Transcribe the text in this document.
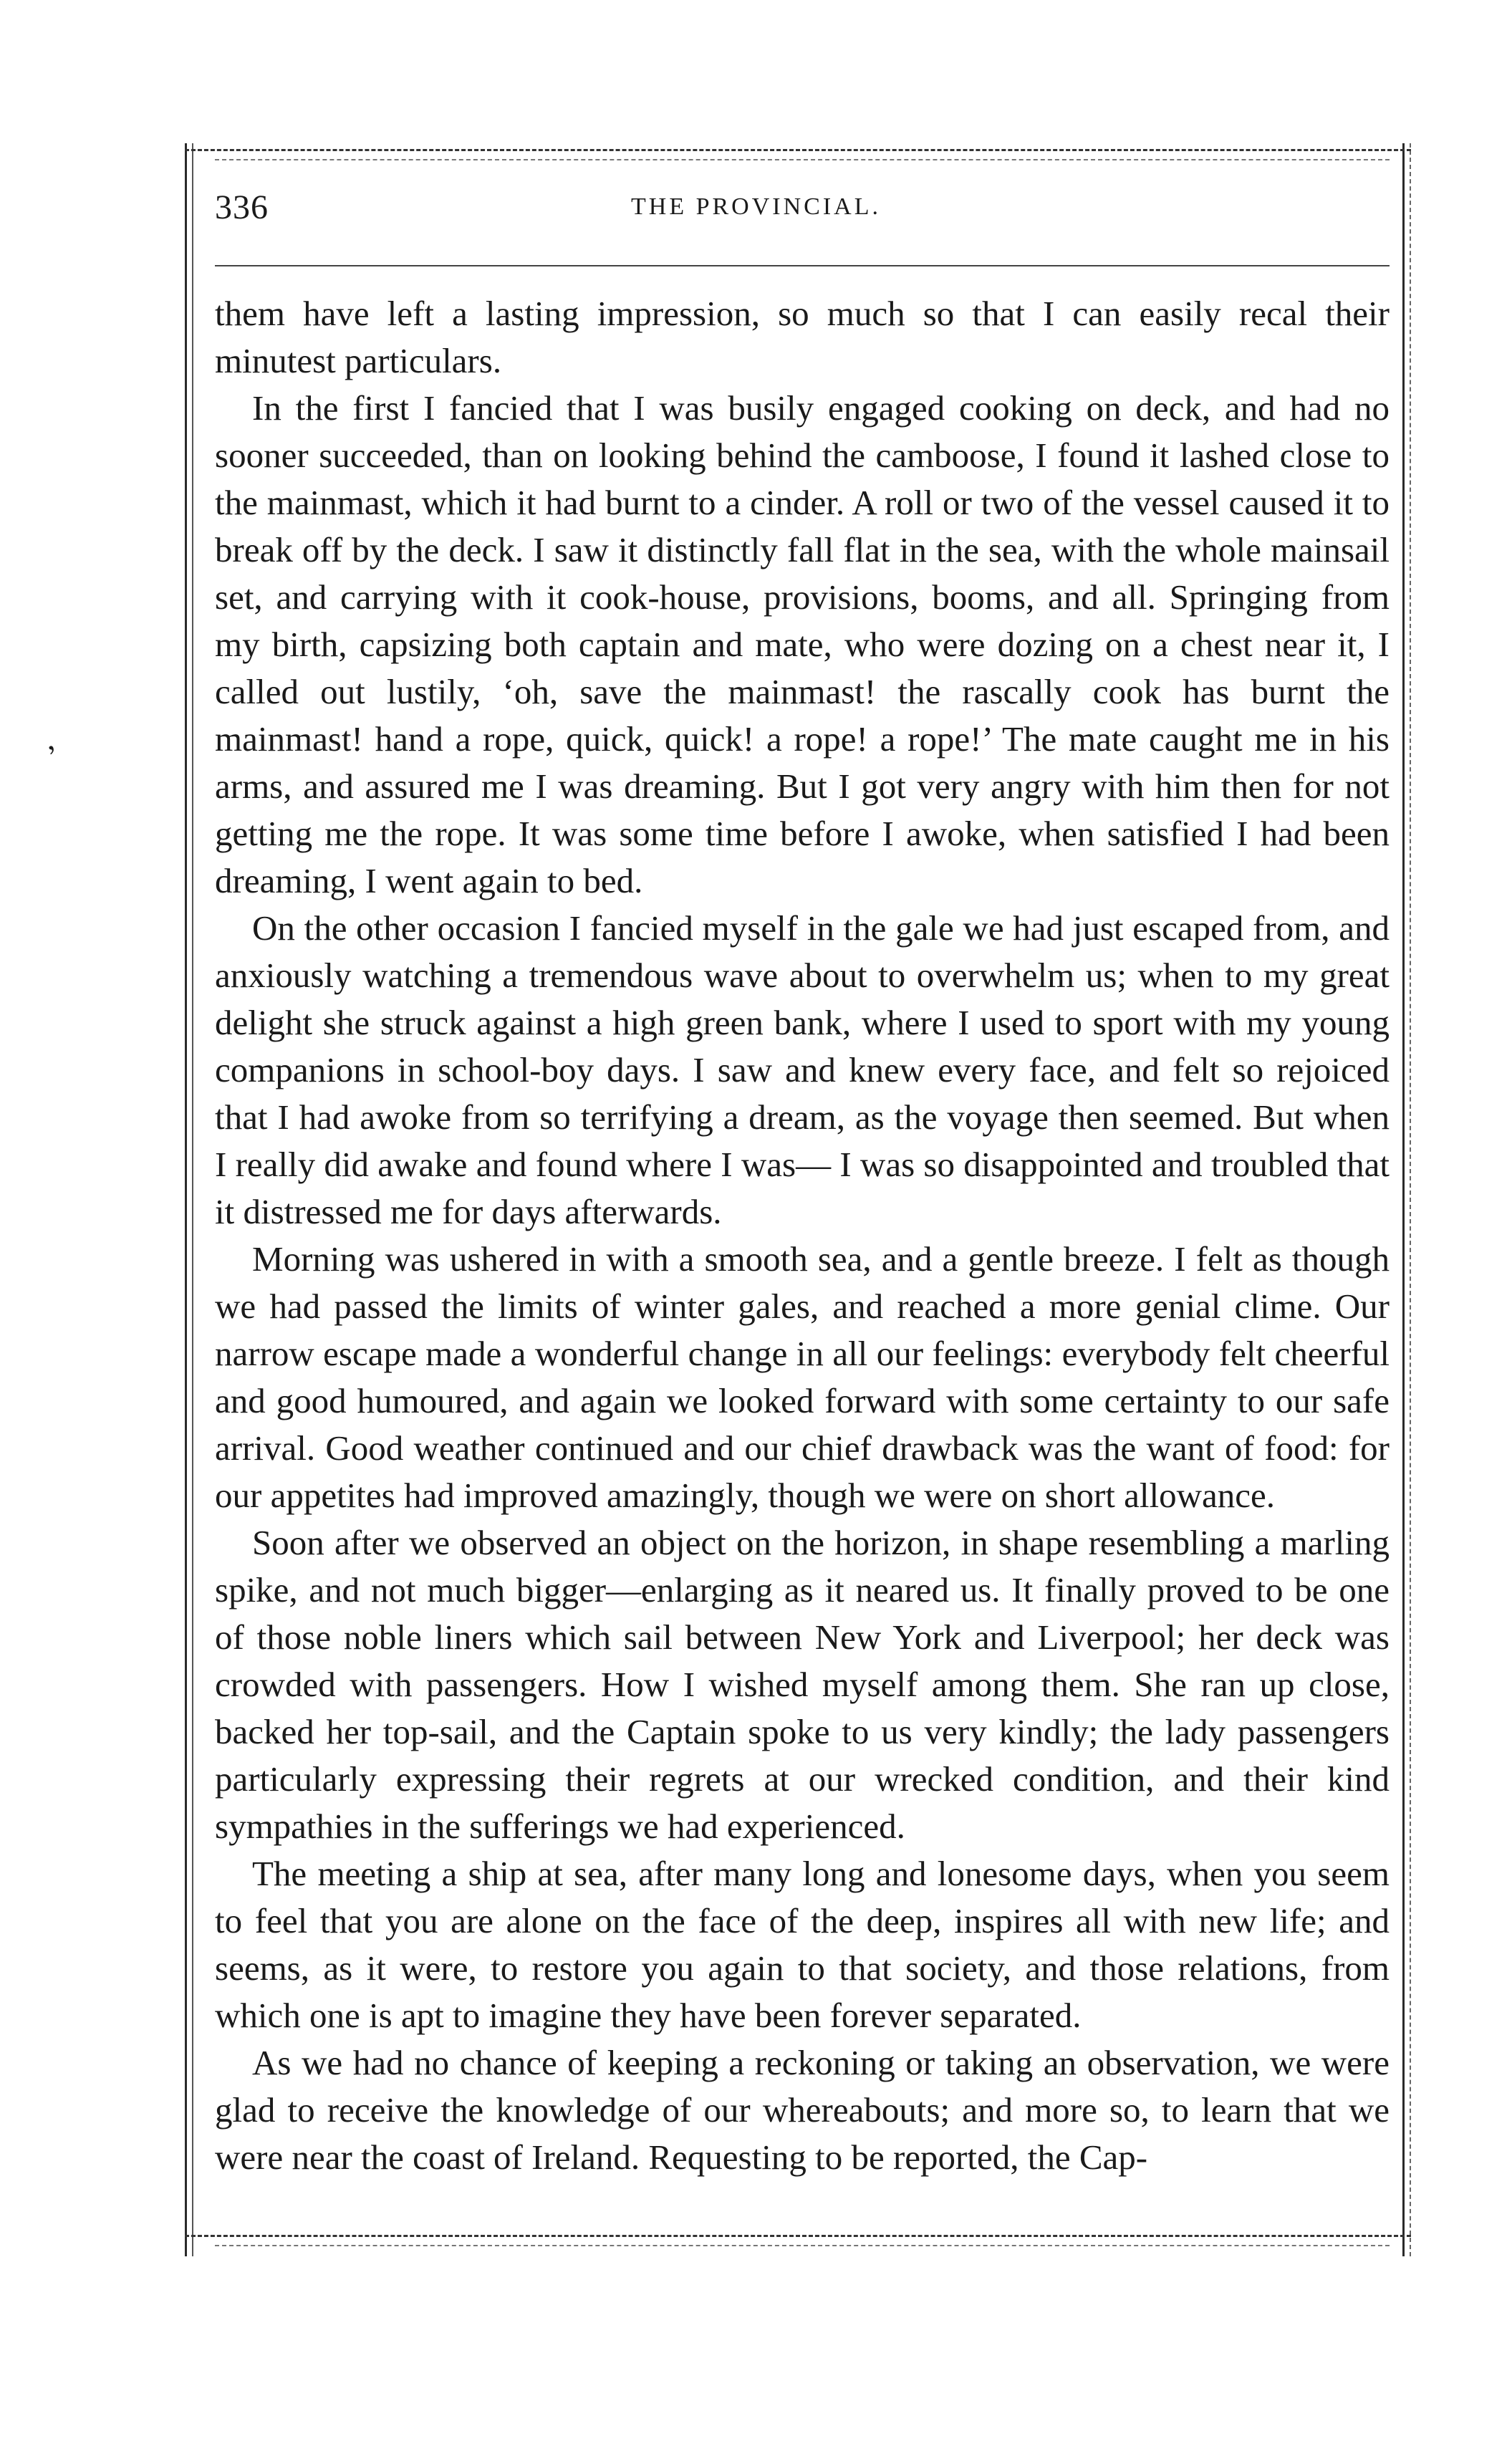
336	THE PROVINCIAL.
’

them have left a lasting impression, so much so that I can easily recal their minutest particulars.

In the first I fancied that I was busily engaged cooking on deck, and had no sooner succeeded, than on looking behind the camboose, I found it lashed close to the mainmast, which it had burnt to a cinder. A roll or two of the vessel caused it to break off by the deck. I saw it distinctly fall flat in the sea, with the whole mainsail set, and carrying with it cook-house, provisions, booms, and all. Springing from my birth, capsizing both captain and mate, who were dozing on a chest near it, I called out lustily, ‘oh, save the mainmast! the rascally cook has burnt the mainmast! hand a rope, quick, quick! a rope! a rope!’ The mate caught me in his arms, and assured me I was dreaming. But I got very angry with him then for not getting me the rope. It was some time before I awoke, when satisfied I had been dreaming, I went again to bed.

On the other occasion I fancied myself in the gale we had just escaped from, and anxiously watching a tremendous wave about to overwhelm us; when to my great delight she struck against a high green bank, where I used to sport with my young companions in school-boy days. I saw and knew every face, and felt so rejoiced that I had awoke from so terrifying a dream, as the voyage then seemed. But when I really did awake and found where I was— I was so disappointed and troubled that it distressed me for days afterwards.

Morning was ushered in with a smooth sea, and a gentle breeze. I felt as though we had passed the limits of winter gales, and reached a more genial clime. Our narrow escape made a wonderful change in all our feelings: everybody felt cheerful and good humoured, and again we looked forward with some certainty to our safe arrival. Good weather continued and our chief drawback was the want of food: for our appetites had improved amazingly, though we were on short allowance.

Soon after we observed an object on the horizon, in shape resembling a marling spike, and not much bigger—enlarging as it neared us. It finally proved to be one of those noble liners which sail between New York and Liverpool; her deck was crowded with passengers. How I wished myself among them. She ran up close, backed her top-sail, and the Captain spoke to us very kindly; the lady passengers particularly expressing their regrets at our wrecked condition, and their kind sympathies in the sufferings we had experienced.

The meeting a ship at sea, after many long and lonesome days, when you seem to feel that you are alone on the face of the deep, inspires all with new life; and seems, as it were, to restore you again to that society, and those relations, from which one is apt to imagine they have been forever separated.

As we had no chance of keeping a reckoning or taking an observation, we were glad to receive the knowledge of our whereabouts; and more so, to learn that we were near the coast of Ireland. Requesting to be reported, the Cap-
